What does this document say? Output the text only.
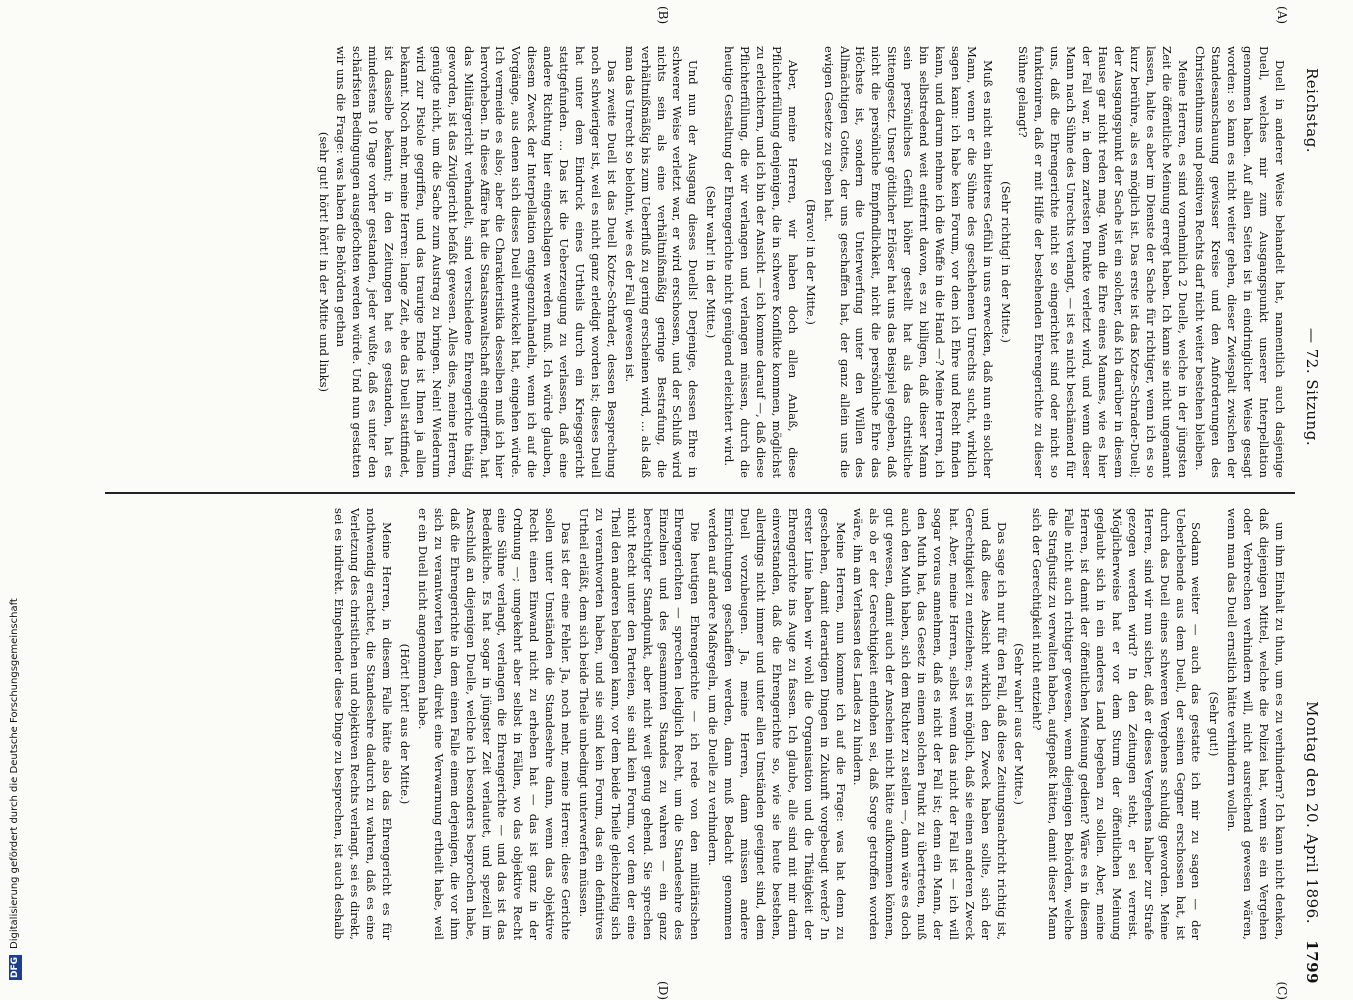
Reichstag.
— 72. Sitzung.
Montag den 20. April 1896.
1799
(A)
(B)
(C)
(D)

Duell in anderer Weise behandelt hat, namentlich auch dasjenige Duell, welches mir zum Ausgangspunkt unserer Interpellation genommen haben. Auf allen Seiten ist in eindringlicher Weise gesagt worden: so kann es nicht weiter gehen, dieser Zwiespalt zwischen der Standesanschauung gewisser Kreise und den Anforderungen des Christenthums und positiven Rechts darf nicht weiter bestehen bleiben.

Meine Herren, es sind vornehmlich 2 Duelle, welche in der jüngsten Zeit die öffentliche Meinung erregt haben. Ich kann sie nicht ungenannt lassen, halte es aber im Dienste der Sache für richtiger, wenn ich es so kurz berühre, als es möglich ist. Das erste ist das Kotze-Schrader-Duell; der Ausgangspunkt der Sache ist ein solcher, daß ich darüber in diesem Hause gar nicht reden mag. Wenn die Ehre eines Mannes, wie es hier der Fall war, in dem zartesten Punkte verletzt wird, und wenn dieser Mann nach Sühne des Unrechts verlangt, — ist es nicht beschämend für uns, daß die Ehrengerichte nicht so eingerichtet sind oder nicht so funktioniren, daß er mit Hilfe der bestehenden Ehrengerichte zu dieser Sühne gelangt?

(Sehr richtig! in der Mitte.)

Muß es nicht ein bitteres Gefühl in uns erwecken, daß nun ein solcher Mann, wenn er die Sühne des geschehenen Unrechts sucht, wirklich sagen kann: ich habe kein Forum, vor dem ich Ehre und Recht finden kann, und darum nehme ich die Waffe in die Hand —? Meine Herren, ich bin selbstredend weit entfernt davon, es zu billigen, daß dieser Mann sein persönliches Gefühl höher gestellt hat als das christliche Sittengesetz. Unser göttlicher Erlöser hat uns das Beispiel gegeben, daß nicht die persönliche Empfindlichkeit, nicht die persönliche Ehre das Höchste ist, sondern die Unterwerfung unter den Willen des Allmächtigen Gottes, der uns geschaffen hat, der ganz allein uns die ewigen Gesetze zu geben hat.

(Bravo! in der Mitte.)

Aber, meine Herren, wir haben doch allen Anlaß, diese Pflichterfüllung denjenigen, die in schwere Konflikte kommen, möglichst zu erleichtern, und ich bin der Ansicht — ich komme darauf —, daß diese Pflichterfüllung, die wir verlangen und verlangen müssen, durch die heutige Gestaltung der Ehrengerichte nicht genügend erleichtert wird.

(Sehr wahr! in der Mitte.)

Und nun der Ausgang dieses Duells! Derjenige, dessen Ehre in schwerer Weise verletzt war, er wird erschossen, und der Schluß wird nichts sein als eine verhältnißmäßig geringe Bestrafung, die verhältnißmäßig bis zum Ueberfluß zu gering erscheinen wird, ... als daß man das Unrecht so belohnt, wie es der Fall gewesen ist.

Das zweite Duell ist das Duell Kotze-Schrader, dessen Besprechung noch schwieriger ist, weil es nicht ganz erledigt worden ist; dieses Duell hat unter dem Eindruck eines Urtheils durch ein Kriegsgericht stattgefunden. ... Das ist die Ueberzeugung zu verlassen, daß eine andere Richtung hier eingeschlagen werden muß. Ich würde glauben, diesem Zweck der Interpellation entgegenzuhandeln, wenn ich auf die Vorgänge, aus denen sich dieses Duell entwickelt hat, eingehen würde. Ich vermeide es also; aber die Charakteristika desselben muß ich hier hervorheben. In diese Affäre hat die Staatsanwaltschaft eingegriffen, hat das Militärgericht verhandelt, sind verschiedene Ehrengerichte thätig geworden, ist das Zivilgericht befaßt gewesen. Alles dies, meine Herren, genügte nicht, um die Sache zum Austrag zu bringen. Nein! Wiederum wird zur Pistole gegriffen, und das traurige Ende ist Ihnen ja allen bekannt. Noch mehr, meine Herren: lange Zeit, ehe das Duell stattfindet, ist dasselbe bekannt; in den Zeitungen hat es gestanden, hat es mindestens 10 Tage vorher gestanden, jeder wußte, daß es unter den schärfsten Bedingungen ausgefochten werden würde. Und nun gestatten wir uns die Frage: was haben die Behörden gethan

(sehr gut! hört! hört! in der Mitte und links)

um ihm Einhalt zu thun, um es zu verhindern? Ich kann nicht denken, daß diejenigen Mittel, welche die Polizei hat, wenn sie ein Vergehen oder Verbrechen verhindern will, nicht ausreichend gewesen wären, wenn man das Duell ernstlich hätte verhindern wollen.

(Sehr gut!)

Sodann weiter — auch das gestatte ich mir zu sagen — der Ueberlebende aus dem Duell, der seinen Gegner erschossen hat, ist durch das Duell eines schweren Vergehens schuldig geworden. Meine Herren, sind wir nun sicher, daß er dieses Vergehens halber zur Strafe gezogen werden wird? In den Zeitungen steht, er sei verreist. Möglicherweise hat er vor dem Sturm der öffentlichen Meinung geglaubt sich in ein anderes Land begeben zu sollen. Aber, meine Herren, ist damit der öffentlichen Meinung gedient? Wäre es in diesem Falle nicht auch richtiger gewesen, wenn diejenigen Behörden, welche die Strafjustiz zu verwalten haben, aufgepaßt hätten, damit dieser Mann sich der Gerechtigkeit nicht entzieht?

(Sehr wahr! aus der Mitte.)

Das sage ich nur für den Fall, daß diese Zeitungsnachricht richtig ist, und daß diese Absicht wirklich den Zweck haben sollte, sich der Gerechtigkeit zu entziehen; es ist möglich, daß sie einen anderen Zweck hat. Aber, meine Herren, selbst wenn das nicht der Fall ist — ich will sogar voraus annehmen, daß es nicht der Fall ist; denn ein Mann, der den Muth hat, das Gesetz in einem solchen Punkt zu übertreten, muß auch den Muth haben, sich dem Richter zu stellen —, dann wäre es doch gut gewesen, damit auch der Anschein nicht hätte aufkommen können, als ob er der Gerechtigkeit entflohen sei, daß Sorge getroffen worden wäre, ihn am Verlassen des Landes zu hindern.

Meine Herren, nun komme ich auf die Frage: was hat denn zu geschehen, damit derartigen Dingen in Zukunft vorgebeugt werde? In erster Linie haben wir wohl die Organisation und die Thätigkeit der Ehrengerichte ins Auge zu fassen. Ich glaube, alle sind mit mir darin einverstanden, daß die Ehrengerichte so, wie sie heute bestehen, allerdings nicht immer und unter allen Umständen geeignet sind, dem Duell vorzubeugen. Ja, meine Herren, dann müssen andere Einrichtungen geschaffen werden, dann muß Bedacht genommen werden auf andere Maßregeln, um die Duelle zu verhindern.

Die heutigen Ehrengerichte — ich rede von den militärischen Ehrengerichten — sprechen lediglich Recht, um die Standesehre des Einzelnen und des gesammten Standes zu wahren — ein ganz berechtigter Standpunkt, aber nicht weit genug gehend. Sie sprechen nicht Recht unter den Parteien, sie sind kein Forum, vor dem der eine Theil den anderen belangen kann, vor dem beide Theile gleichzeitig sich zu verantworten haben, und sie sind kein Forum, das ein definitives Urtheil erläßt, dem sich beide Theile unbedingt unterwerfen müssen.

Das ist der eine Fehler. Ja, noch mehr, meine Herren: diese Gerichte sollen unter Umständen die Standesehre dann, wenn das objektive Recht einen Einwand nicht zu erheben hat — das ist ganz in der Ordnung —; umgekehrt aber selbst in Fällen, wo das objektive Recht eine Sühne verlangt, verlangen die Ehrengerichte — und das ist das Bedenkliche. Es hat sogar in jüngster Zeit verlautet, und speziell im Anschluß an diejenigen Duelle, welche ich besonders besprochen habe, daß die Ehrengerichte in dem einen Falle einem derjenigen, die vor ihm sich zu verantworten haben, direkt eine Verwarnung ertheilt habe, weil er ein Duell nicht angenommen habe.

(Hört! hört! aus der Mitte.)

Meine Herren, in diesem Falle hätte also das Ehrengericht es für nothwendig erachtet, die Standesehre dadurch zu wahren, daß es eine Verletzung des christlichen und objektiven Rechts verlangt, sei es direkt, sei es indirekt. Eingehender diese Dinge zu besprechen, ist auch deshalb

DFGDigitalisierung gefördert durch die Deutsche Forschungsgemeinschaft
